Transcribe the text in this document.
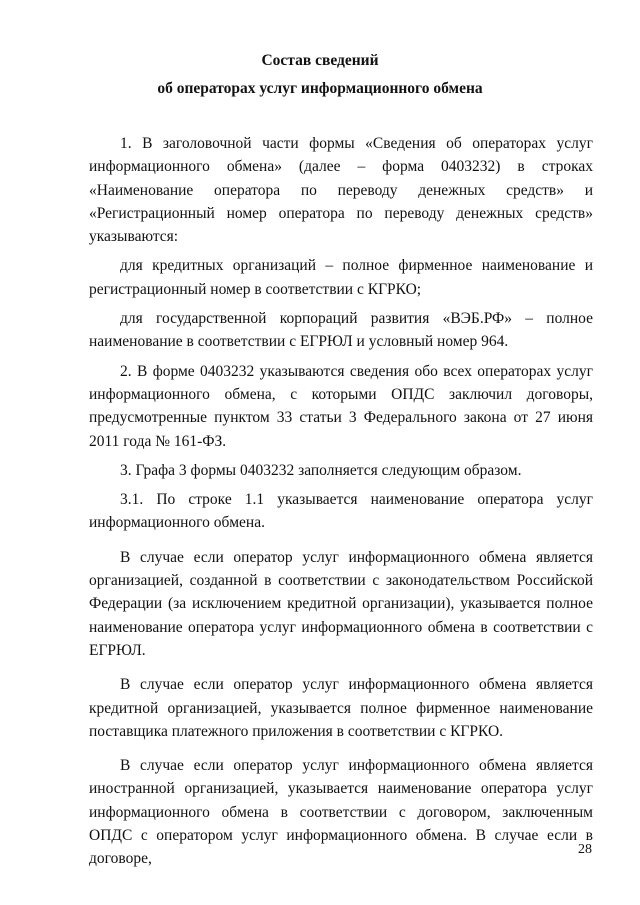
Состав сведений

об операторах услуг информационного обмена

1. В заголовочной части формы «Сведения об операторах услуг информационного обмена» (далее – форма 0403232) в строках «Наименование оператора по переводу денежных средств» и «Регистрационный номер оператора по переводу денежных средств» указываются:

для кредитных организаций – полное фирменное наименование и регистрационный номер в соответствии с КГРКО;

для государственной корпораций развития «ВЭБ.РФ» – полное наименование в соответствии с ЕГРЮЛ и условный номер 964.

2. В форме 0403232 указываются сведения обо всех операторах услуг информационного обмена, с которыми ОПДС заключил договоры, предусмотренные пунктом 33 статьи 3 Федерального закона от 27 июня 2011 года № 161-ФЗ.

3. Графа 3 формы 0403232 заполняется следующим образом.

3.1. По строке 1.1 указывается наименование оператора услуг информационного обмена.

В случае если оператор услуг информационного обмена является организацией, созданной в соответствии с законодательством Российской Федерации (за исключением кредитной организации), указывается полное наименование оператора услуг информационного обмена в соответствии с ЕГРЮЛ.

В случае если оператор услуг информационного обмена является кредитной организацией, указывается полное фирменное наименование поставщика платежного приложения в соответствии с КГРКО.

В случае если оператор услуг информационного обмена является иностранной организацией, указывается наименование оператора услуг информационного обмена в соответствии с договором, заключенным ОПДС с оператором услуг информационного обмена. В случае если в договоре,

28
